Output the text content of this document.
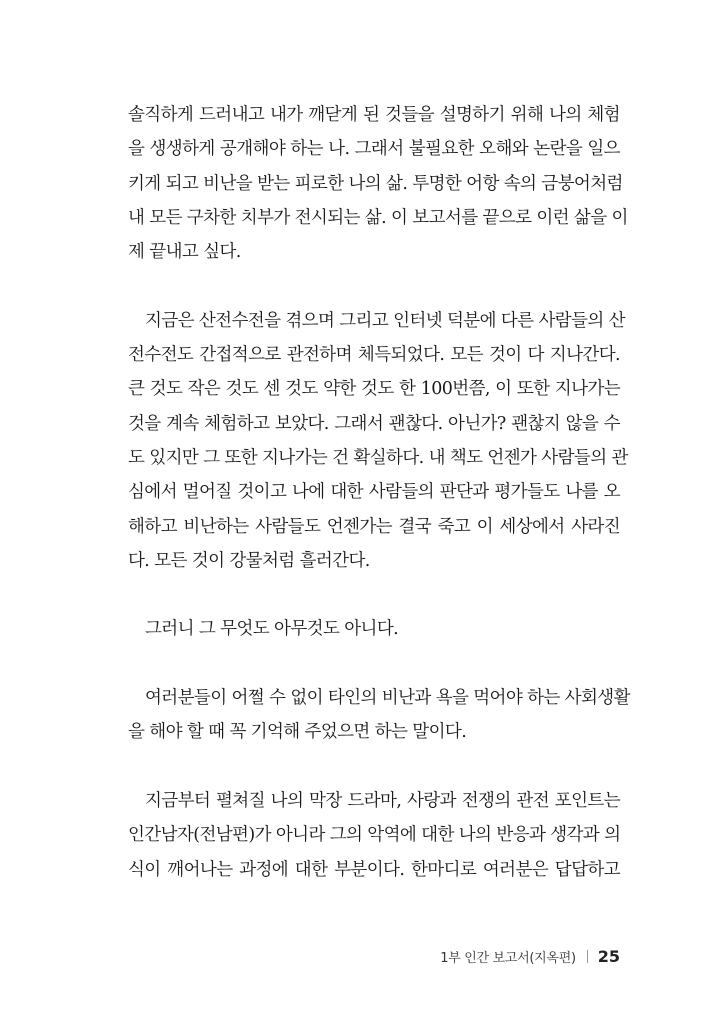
솔직하게 드러내고 내가 깨닫게 된 것들을 설명하기 위해 나의 체험
을 생생하게 공개해야 하는 나. 그래서 불필요한 오해와 논란을 일으
키게 되고 비난을 받는 피로한 나의 삶. 투명한 어항 속의 금붕어처럼
내 모든 구차한 치부가 전시되는 삶. 이 보고서를 끝으로 이런 삶을 이
제 끝내고 싶다.
지금은 산전수전을 겪으며 그리고 인터넷 덕분에 다른 사람들의 산
전수전도 간접적으로 관전하며 체득되었다. 모든 것이 다 지나간다.
큰 것도 작은 것도 센 것도 약한 것도 한 100번쯤, 이 또한 지나가는
것을 계속 체험하고 보았다. 그래서 괜찮다. 아닌가? 괜찮지 않을 수
도 있지만 그 또한 지나가는 건 확실하다. 내 책도 언젠가 사람들의 관
심에서 멀어질 것이고 나에 대한 사람들의 판단과 평가들도 나를 오
해하고 비난하는 사람들도 언젠가는 결국 죽고 이 세상에서 사라진
다. 모든 것이 강물처럼 흘러간다.
그러니 그 무엇도 아무것도 아니다.
여러분들이 어쩔 수 없이 타인의 비난과 욕을 먹어야 하는 사회생활
을 해야 할 때 꼭 기억해 주었으면 하는 말이다.
지금부터 펼쳐질 나의 막장 드라마, 사랑과 전쟁의 관전 포인트는
인간남자(전남편)가 아니라 그의 악역에 대한 나의 반응과 생각과 의
식이 깨어나는 과정에 대한 부분이다. 한마디로 여러분은 답답하고
1부 인간 보고서(지옥편) 25
